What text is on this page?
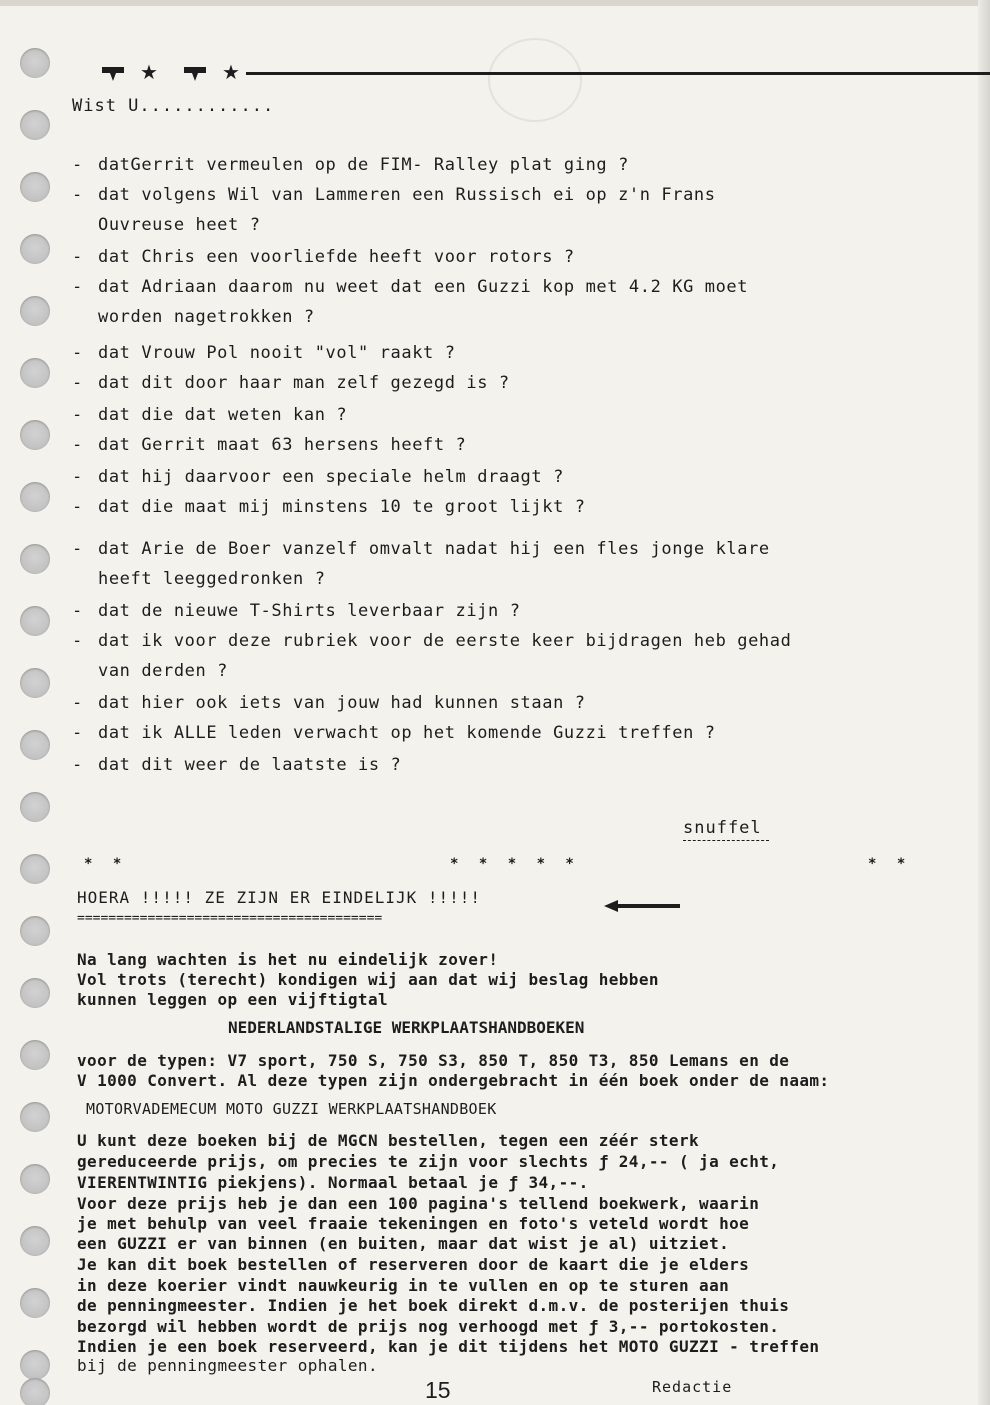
★	★
Wist U............
- datGerrit vermeulen op de FIM- Ralley plat ging ?
- dat volgens Wil van Lammeren een Russisch ei op z'n Frans
Ouvreuse heet ?
- dat Chris een voorliefde heeft voor rotors ?
- dat Adriaan daarom nu weet dat een Guzzi kop met 4.2 KG moet
worden nagetrokken ?
- dat Vrouw Pol nooit "vol" raakt ?
- dat dit door haar man zelf gezegd is ?
- dat die dat weten kan ?
- dat Gerrit maat 63 hersens heeft ?
- dat hij daarvoor een speciale helm draagt ?
- dat die maat mij minstens 10 te groot lijkt ?
- dat Arie de Boer vanzelf omvalt nadat hij een fles jonge klare
heeft leeggedronken ?
- dat de nieuwe T-Shirts leverbaar zijn ?
- dat ik voor deze rubriek voor de eerste keer bijdragen heb gehad
van derden ?
- dat hier ook iets van jouw had kunnen staan ?
- dat ik ALLE leden verwacht op het komende Guzzi treffen ?
- dat dit weer de laatste is ?
snuffel
* *	* * * * *	* *
HOERA !!!!! ZE ZIJN ER EINDELIJK !!!!!
=======================================
Na lang wachten is het nu eindelijk zover!
Vol trots (terecht) kondigen wij aan dat wij beslag hebben
kunnen leggen op een vijftigtal
NEDERLANDSTALIGE WERKPLAATSHANDBOEKEN
voor de typen: V7 sport, 750 S, 750 S3, 850 T, 850 T3, 850 Lemans en de
V 1000 Convert. Al deze typen zijn ondergebracht in één boek onder de naam:
MOTORVADEMECUM MOTO GUZZI WERKPLAATSHANDBOEK
U kunt deze boeken bij de MGCN bestellen, tegen een zéér sterk
gereduceerde prijs, om precies te zijn voor slechts ƒ 24,-- ( ja echt,
VIERENTWINTIG piekjens). Normaal betaal je ƒ 34,--.
Voor deze prijs heb je dan een 100 pagina's tellend boekwerk, waarin
je met behulp van veel fraaie tekeningen en foto's veteld wordt hoe
een GUZZI er van binnen (en buiten, maar dat wist je al) uitziet.
Je kan dit boek bestellen of reserveren door de kaart die je elders
in deze koerier vindt nauwkeurig in te vullen en op te sturen aan
de penningmeester. Indien je het boek direkt d.m.v. de posterijen thuis
bezorgd wil hebben wordt de prijs nog verhoogd met ƒ 3,-- portokosten.
Indien je een boek reserveerd, kan je dit tijdens het MOTO GUZZI - treffen
bij de penningmeester ophalen.
15	Redactie
